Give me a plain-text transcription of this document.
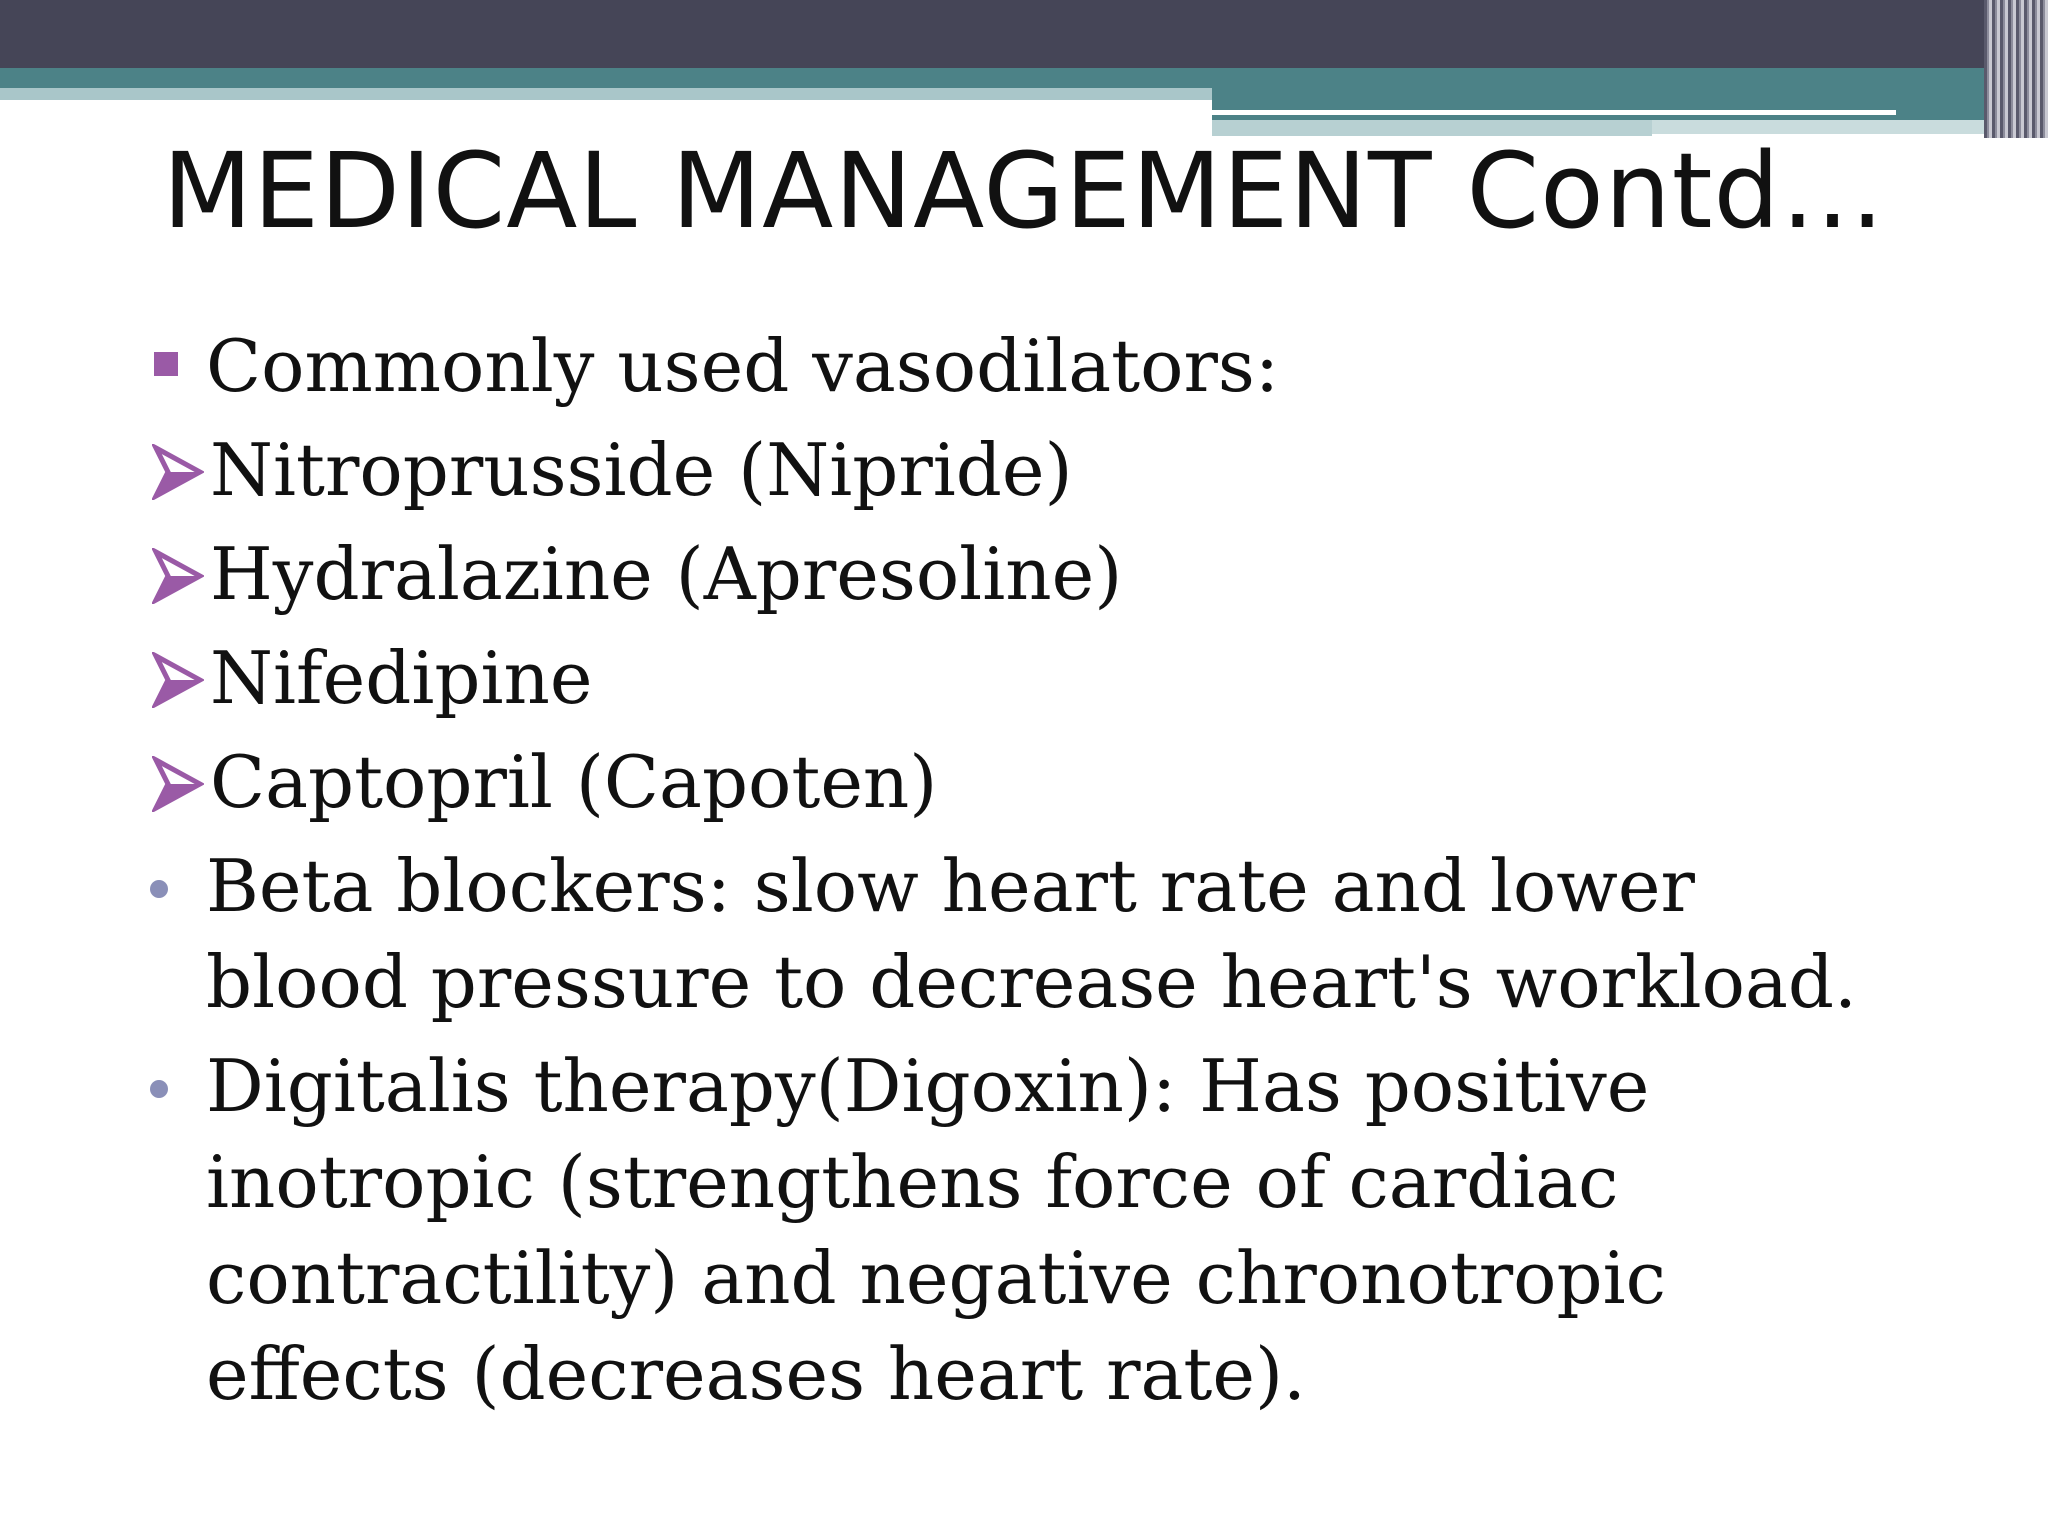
MEDICAL MANAGEMENT Contd…
Commonly used vasodilators:
Nitroprusside (Nipride)
Hydralazine (Apresoline)
Nifedipine
Captopril (Capoten)
Beta blockers: slow heart rate and lower blood pressure to decrease heart's workload.
Digitalis therapy(Digoxin): Has positive inotropic (strengthens force of cardiac contractility) and negative chronotropic effects (decreases heart rate).
